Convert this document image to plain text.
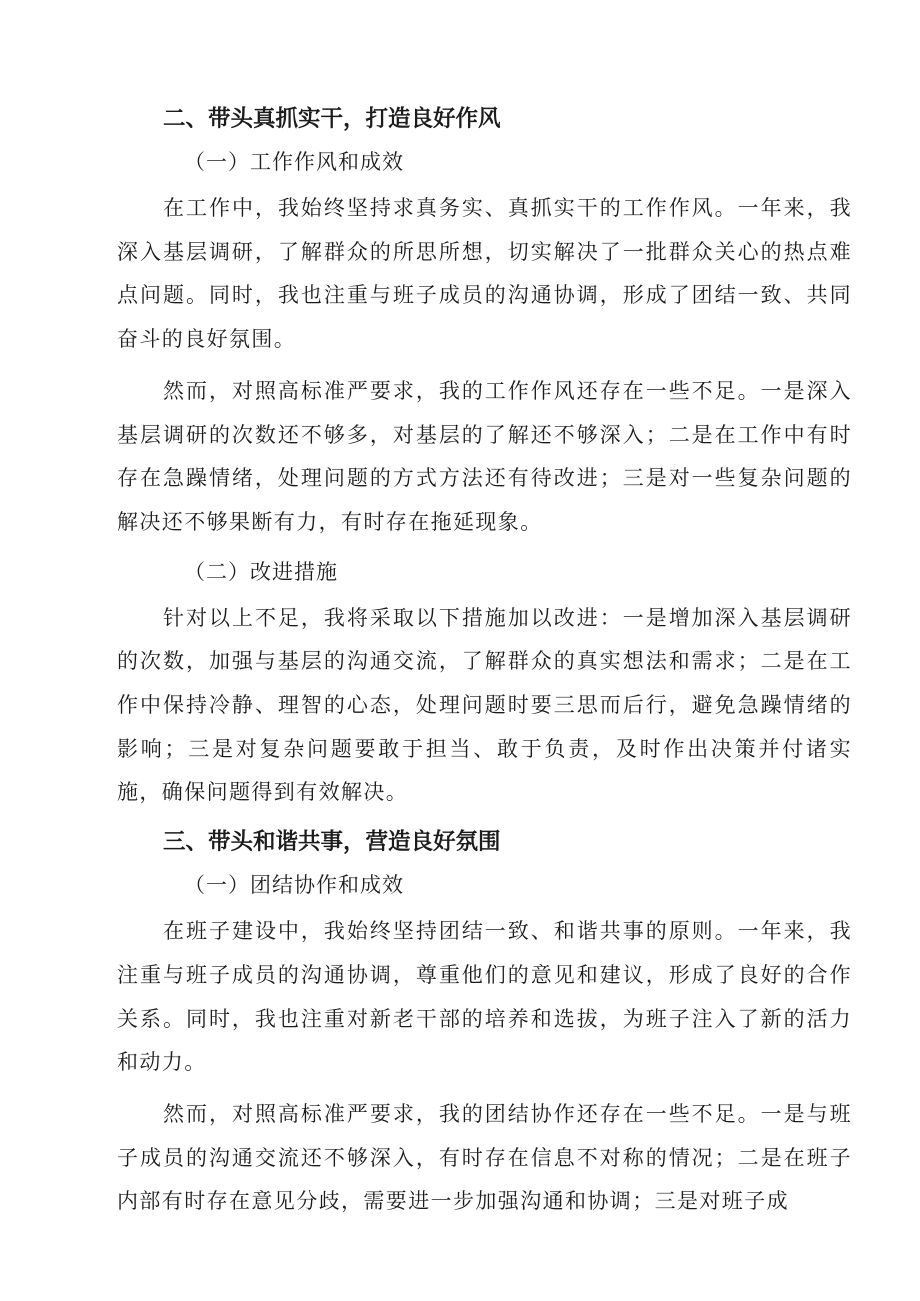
二、带头真抓实干，打造良好作风
（一）工作作风和成效

在工作中，我始终坚持求真务实、真抓实干的工作作风。一年来，我深入基层调研，了解群众的所思所想，切实解决了一批群众关心的热点难点问题。同时，我也注重与班子成员的沟通协调，形成了团结一致、共同奋斗的良好氛围。

然而，对照高标准严要求，我的工作作风还存在一些不足。一是深入基层调研的次数还不够多，对基层的了解还不够深入；二是在工作中有时存在急躁情绪，处理问题的方式方法还有待改进；三是对一些复杂问题的解决还不够果断有力，有时存在拖延现象。

（二）改进措施

针对以上不足，我将采取以下措施加以改进：一是增加深入基层调研的次数，加强与基层的沟通交流，了解群众的真实想法和需求；二是在工作中保持冷静、理智的心态，处理问题时要三思而后行，避免急躁情绪的影响；三是对复杂问题要敢于担当、敢于负责，及时作出决策并付诸实施，确保问题得到有效解决。

三、带头和谐共事，营造良好氛围
（一）团结协作和成效

在班子建设中，我始终坚持团结一致、和谐共事的原则。一年来，我注重与班子成员的沟通协调，尊重他们的意见和建议，形成了良好的合作关系。同时，我也注重对新老干部的培养和选拔，为班子注入了新的活力和动力。

然而，对照高标准严要求，我的团结协作还存在一些不足。一是与班子成员的沟通交流还不够深入，有时存在信息不对称的情况；二是在班子内部有时存在意见分歧，需要进一步加强沟通和协调；三是对班子成
